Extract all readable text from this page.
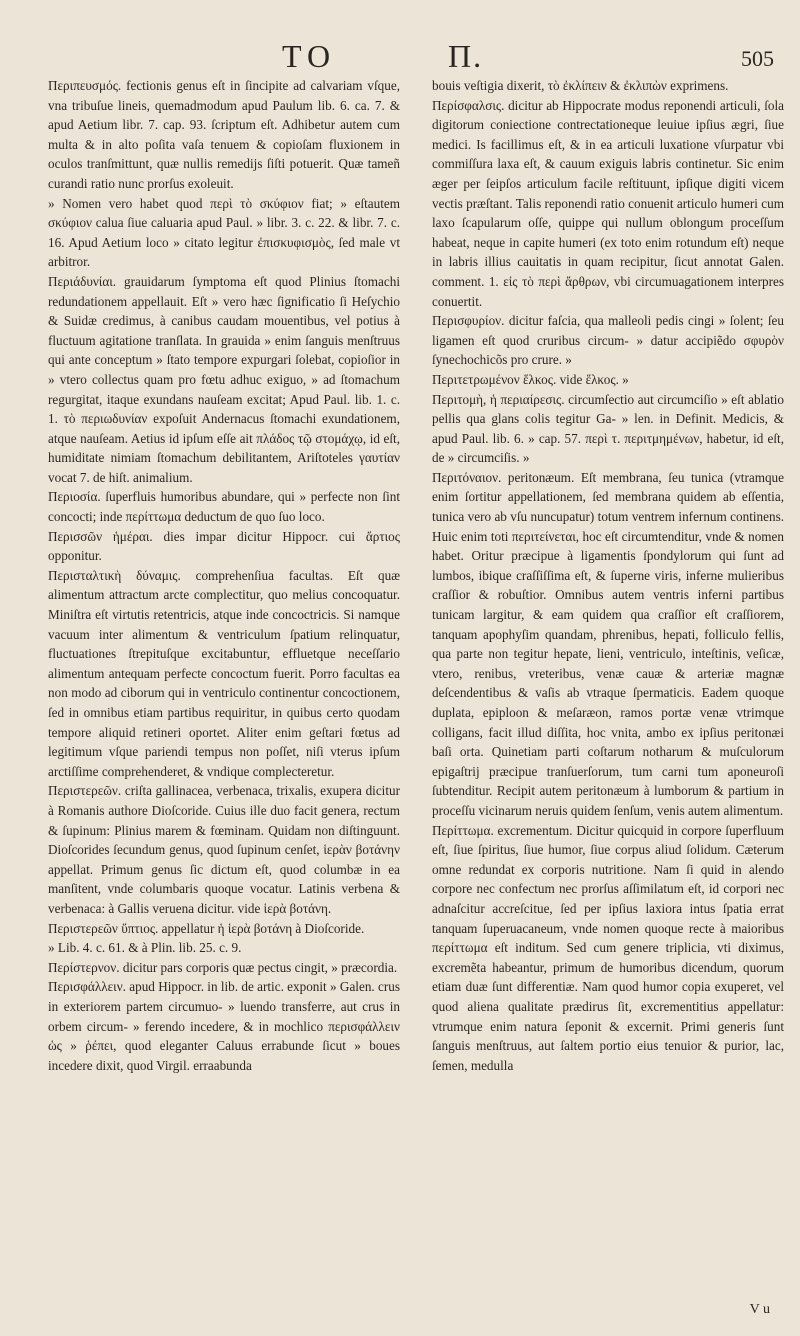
TO	Π.	505

Περιπευσμός. fectionis genus eſt in ſincipite ad calvariam vſque, vna tribuſue lineis, quemadmodum apud Paulum lib. 6. ca. 7. & apud Aetium libr. 7. cap. 93. ſcriptum eſt. Adhibetur autem cum multa & in alto poſita vaſa tenuem & copioſam fluxionem in oculos tranſmittunt, quæ nullis remedijs ſiſti potuerit. Quæ tameñ curandi ratio nunc prorſus exoleuit.

» Nomen vero habet quod περὶ τὸ σκύφιον fiat; » eſtautem σκύφιον calua ſiue caluaria apud Paul. » libr. 3. c. 22. & libr. 7. c. 16. Apud Aetium loco » citato legitur ἐπισκυφισμὸς, ſed male vt arbitror.

Περιάδυνίαι. grauidarum ſymptoma eſt quod Plinius ſtomachi redundationem appellauit. Eſt » vero hæc ſignificatio ſi Heſychio & Suidæ credimus, à canibus caudam mouentibus, vel potius à fluctuum agitatione tranſlata. In grauida » enim ſanguis menſtruus qui ante conceptum » ſtato tempore expurgari ſolebat, copioſior in » vtero collectus quam pro fœtu adhuc exiguo, » ad ſtomachum regurgitat, itaque exundans nauſeam excitat; Apud Paul. lib. 1. c. 1. τὸ περιωδυνίαν expoſuit Andernacus ſtomachi exundationem, atque nauſeam. Aetius id ipſum eſſe ait πλάδος τῷ στομάχῳ, id eſt, humiditate nimiam ſtomachum debilitantem, Ariſtoteles γαυτίαν vocat 7. de hiſt. animalium.

Περιοσία. ſuperfluis humoribus abundare, qui » perfecte non ſint concocti; inde περίττωμα deductum de quo ſuo loco.

Περισσῶν ἡμέραι. dies impar dicitur Hippocr. cui ἄρτιος opponitur.

Περισταλτικὴ δύναμις. comprehenſiua facultas. Eſt quæ alimentum attractum arcte complectitur, quo melius concoquatur. Miniſtra eſt virtutis retentricis, atque inde concoctricis. Si namque vacuum inter alimentum & ventriculum ſpatium relinquatur, fluctuationes ſtrepituſque excitabuntur, effluetque neceſſario alimentum antequam perfecte concoctum fuerit. Porro facultas ea non modo ad ciborum qui in ventriculo continentur concoctionem, ſed in omnibus etiam partibus requiritur, in quibus certo quodam tempore aliquid retineri oportet. Aliter enim geſtari fœtus ad legitimum vſque pariendi tempus non poſſet, niſi vterus ipſum arctiſſime comprehenderet, & vndique complecteretur.

Περιστερεῶν. criſta gallinacea, verbenaca, trixalis, exupera dicitur à Romanis authore Dioſcoride. Cuius ille duo facit genera, rectum & ſupinum: Plinius marem & fœminam. Quidam non diſtinguunt. Dioſcorides ſecundum genus, quod ſupinum cenſet, ἱερὰν βοτάνην appellat. Primum genus ſic dictum eſt, quod columbæ in ea manſitent, vnde columbaris quoque vocatur. Latinis verbena & verbenaca: à Gallis veruena dicitur. vide ἱερὰ βοτάνη.

Περιστερεῶν ὕπτιος. appellatur ἡ ἱερὰ βοτάνη à Dioſcoride.

» Lib. 4. c. 61. & à Plin. lib. 25. c. 9.

Περίστερνον. dicitur pars corporis quæ pectus cingit, » præcordia.

Περισφάλλειν. apud Hippocr. in lib. de artic. exponit » Galen. crus in exteriorem partem circumuo- » luendo transferre, aut crus in orbem circum- » ferendo incedere, & in mochlico περισφάλλειν ὡς » ῥέπει, quod eleganter Caluus errabunde ſicut » boues incedere dixit, quod Virgil. erraabunda

bouis veſtigia dixerit, τὸ ἐκλίπειν & ἐκλιπὼν exprimens.

Περίσφαλσις. dicitur ab Hippocrate modus reponendi articuli, ſola digitorum coniectione contrectationeque leuiue ipſius ægri, ſiue medici. Is facillimus eſt, & in ea articuli luxatione vſurpatur vbi commiſſura laxa eſt, & cauum exiguis labris continetur. Sic enim æger per ſeipſos articulum facile reſtituunt, ipſique digiti vicem vectis præſtant. Talis reponendi ratio conuenit articulo humeri cum laxo ſcapularum oſſe, quippe qui nullum oblongum proceſſum habeat, neque in capite humeri (ex toto enim rotundum eſt) neque in labris illius cauitatis in quam recipitur, ſicut annotat Galen. comment. 1. εἰς τὸ περὶ ἄρθρων, vbi circumuagationem interpres conuertit.

Περισφυρίον. dicitur faſcia, qua malleoli pedis cingi » ſolent; ſeu ligamen eſt quod cruribus circum- » datur accipiẽdo σφυρὸν ſynechochicõs pro crure. »

Περιτετρωμένον ἕλκος. vide ἕλκος. »

Περιτομὴ, ἡ περιαίρεσις. circumſectio aut circumciſio » eſt ablatio pellis qua glans colis tegitur Ga- » len. in Definit. Medicis, & apud Paul. lib. 6. » cap. 57. περὶ τ. περιτμημένων, habetur, id eſt, de » circumciſis. »

Περιτόναιον. peritonæum. Eſt membrana, ſeu tunica (vtramque enim ſortitur appellationem, ſed membrana quidem ab eſſentia, tunica vero ab vſu nuncupatur) totum ventrem infernum continens. Huic enim toti περιτείνεται, hoc eſt circumtenditur, vnde & nomen habet. Oritur præcipue à ligamentis ſpondylorum qui ſunt ad lumbos, ibique craſſiſſima eſt, & ſuperne viris, inferne mulieribus craſſior & robuſtior. Omnibus autem ventris inferni partibus tunicam largitur, & eam quidem qua craſſior eſt craſſiorem, tanquam apophyſim quandam, phrenibus, hepati, folliculo fellis, qua parte non tegitur hepate, lieni, ventriculo, inteſtinis, veſicæ, vtero, renibus, vreteribus, venæ cauæ & arteriæ magnæ deſcendentibus & vaſis ab vtraque ſpermaticis. Eadem quoque duplata, epiploon & meſaræon, ramos portæ venæ vtrimque colligans, facit illud diſſita, hoc vnita, ambo ex ipſius peritonæi baſi orta. Quinetiam parti coſtarum notharum & muſculorum epigaſtrij præcipue tranſuerſorum, tum carni tum aponeuroſi ſubtenditur. Recipit autem peritonæum à lumborum & partium in proceſſu vicinarum neruis quidem ſenſum, venis autem alimentum.

Περίττωμα. excrementum. Dicitur quicquid in corpore ſuperfluum eſt, ſiue ſpiritus, ſiue humor, ſiue corpus aliud ſolidum. Cæterum omne redundat ex corporis nutritione. Nam ſi quid in alendo corpore nec confectum nec prorſus aſſimilatum eſt, id corpori nec adnaſcitur accreſcitue, ſed per ipſius laxiora intus ſpatia errat tanquam ſuperuacaneum, vnde nomen quoque recte à maioribus περίττωμα eſt inditum. Sed cum genere triplicia, vti diximus, excremẽta habeantur, primum de humoribus dicendum, quorum etiam duæ ſunt differentiæ. Nam quod humor copia exuperet, vel quod aliena qualitate prædirus ſit, excrementitius appellatur: vtrumque enim natura ſeponit & excernit. Primi generis ſunt ſanguis menſtruus, aut ſaltem portio eius tenuior & purior, lac, ſemen, medulla

V u
